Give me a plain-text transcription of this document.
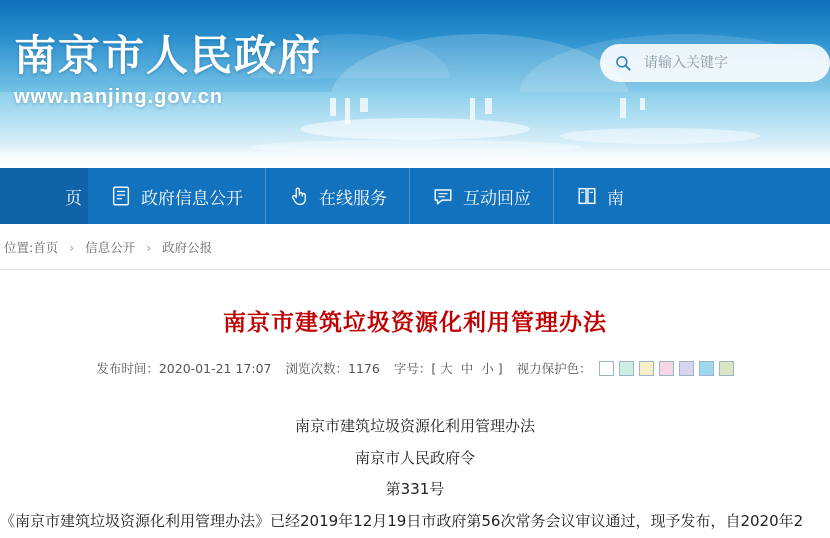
南京市人民政府
www.nanjing.gov.cn
请输入关键字
页	政府信息公开	在线服务	互动回应	南
位置:首页 › 信息公开 › 政府公报
南京市建筑垃圾资源化利用管理办法
发布时间：2020-01-21 17:07 浏览次数：1176 字号：[ 大 中 小 ] 视力保护色：
南京市建筑垃圾资源化利用管理办法
南京市人民政府令
第331号
《南京市建筑垃圾资源化利用管理办法》已经2019年12月19日市政府第56次常务会议审议通过，现予发布，自2020年2
